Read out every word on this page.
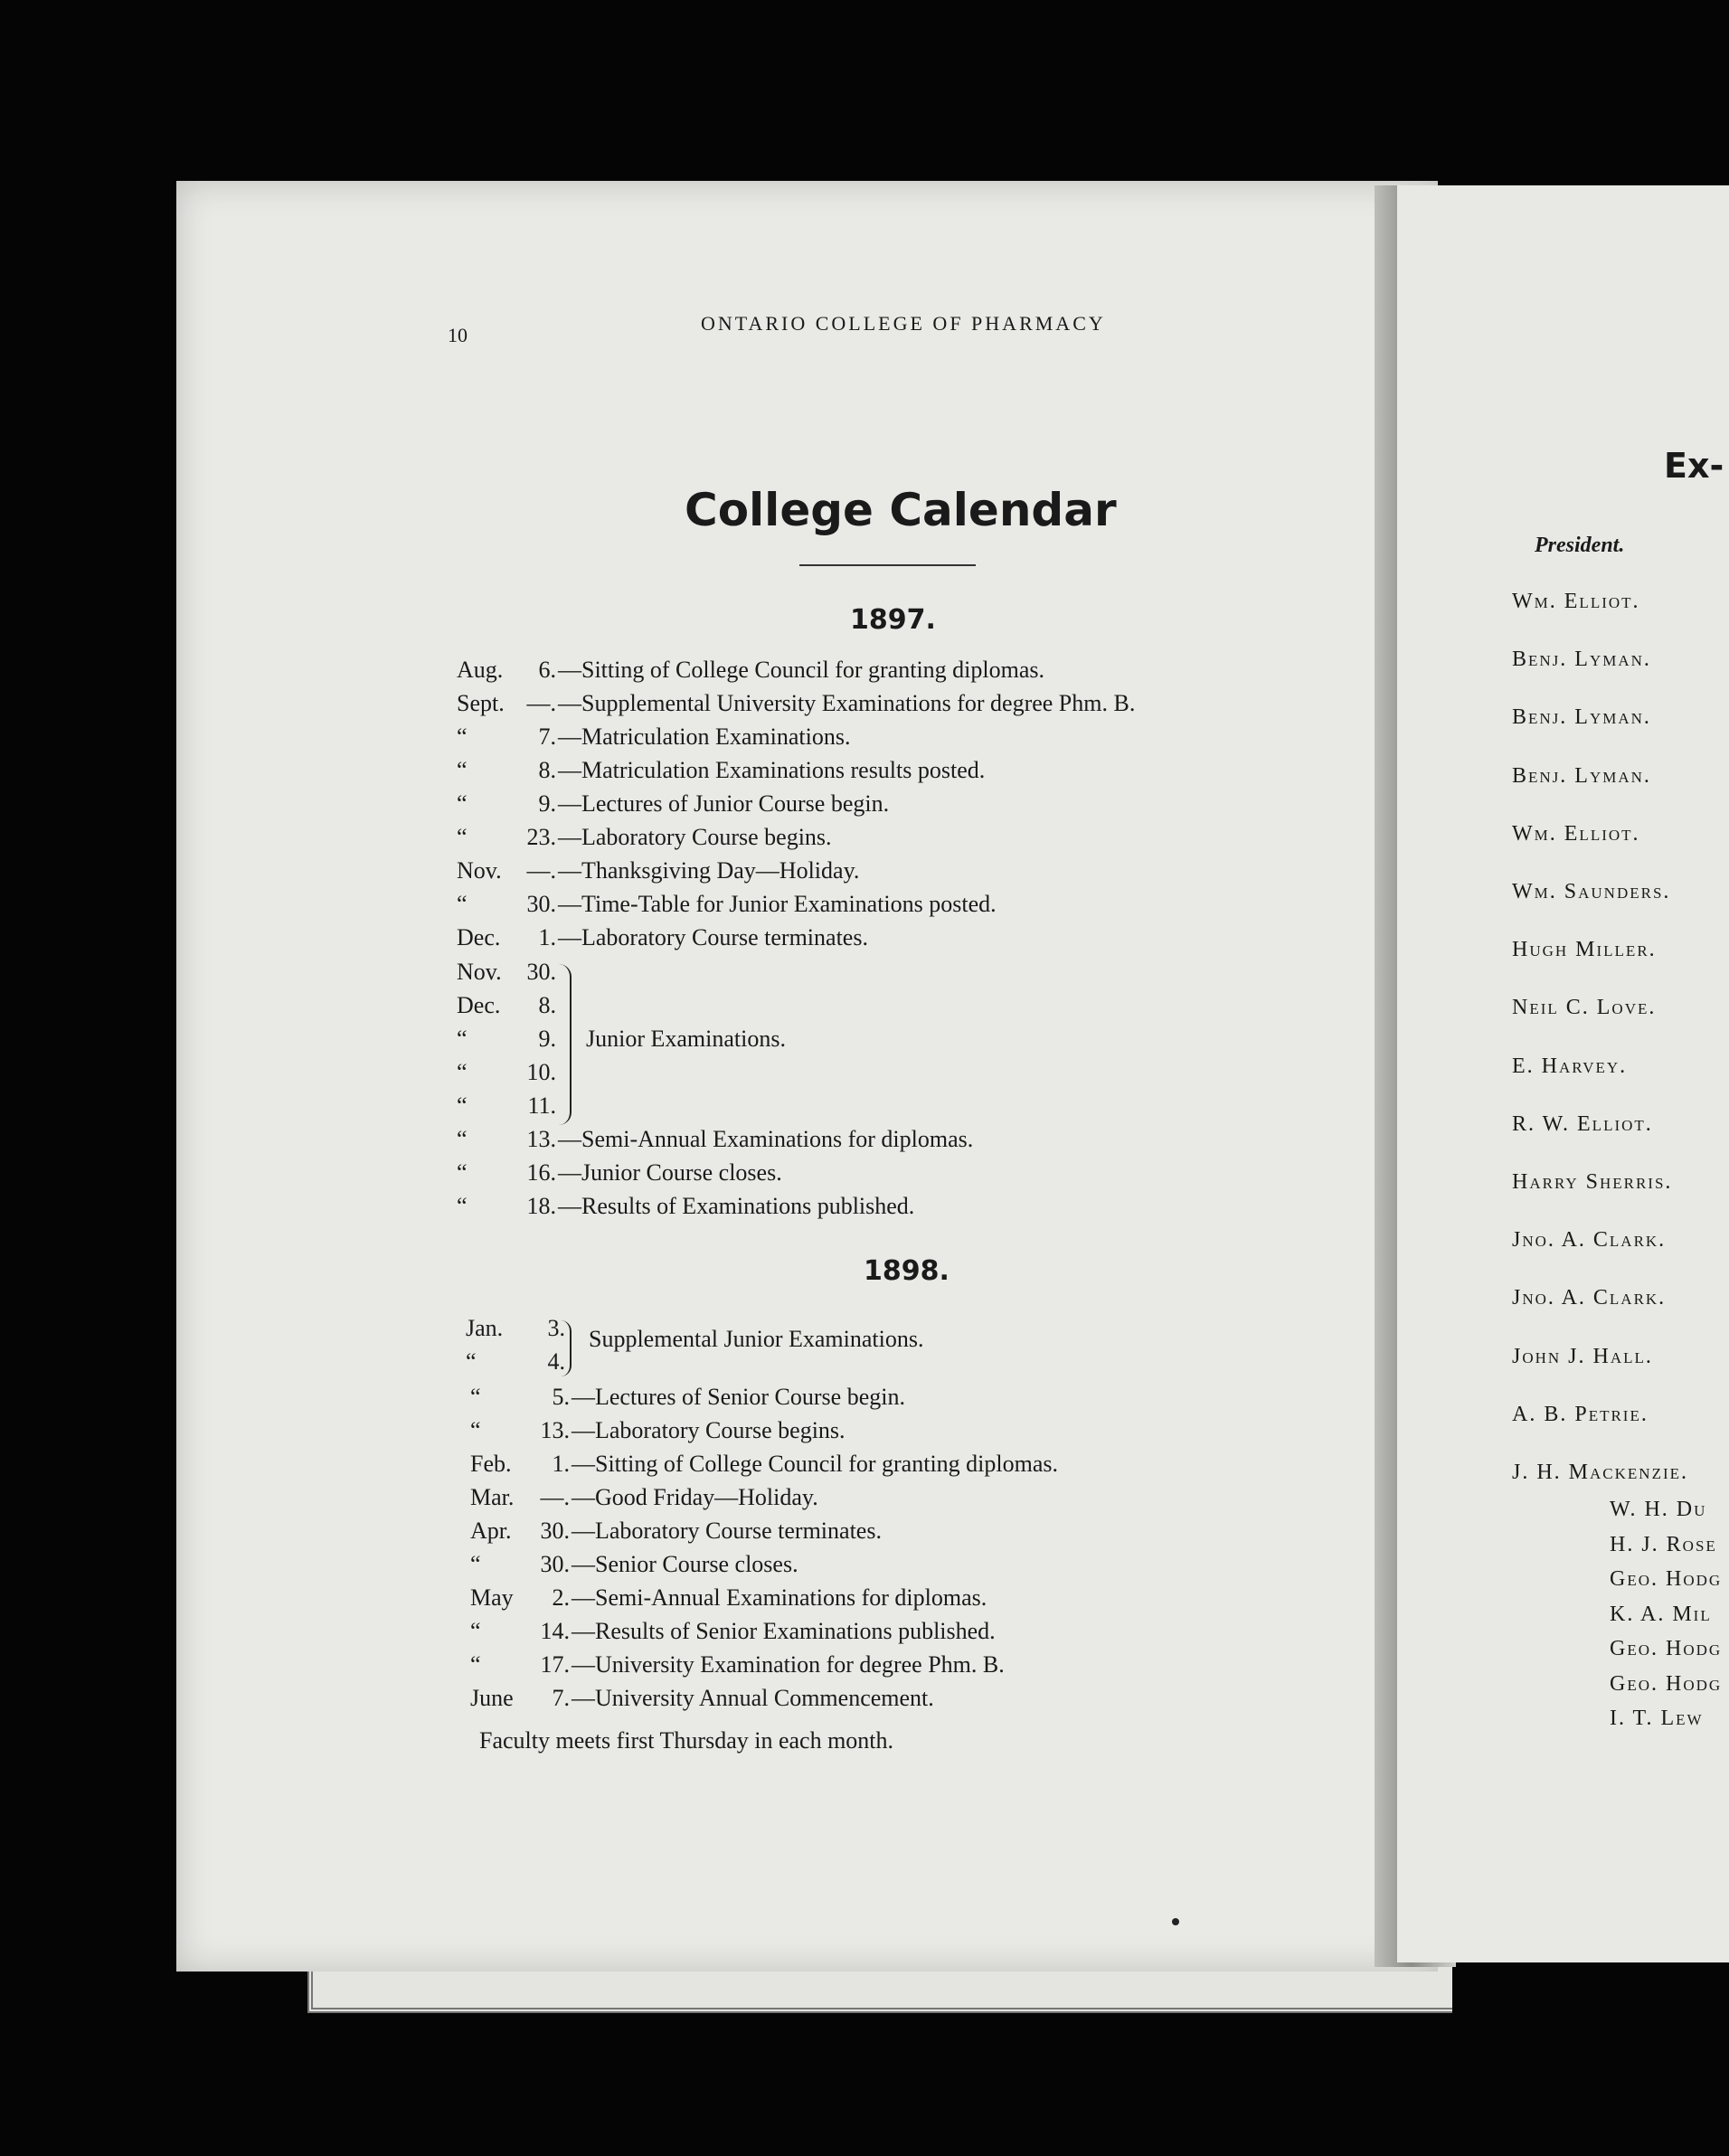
10
ONTARIO COLLEGE OF PHARMACY
College Calendar
1897.
Aug.	6. —Sitting of College Council for granting diplomas.
Sept. —. —Supplemental University Examinations for degree Phm. B.
“	7. —Matriculation Examinations.
“	8. —Matriculation Examinations results posted.
“	9. —Lectures of Junior Course begin.
“	23. —Laboratory Course begins.
Nov.	—. —Thanksgiving Day—Holiday.
“	30. —Time-Table for Junior Examinations posted.
Dec.	1. —Laboratory Course terminates.
Nov.	30.
Dec.	8.
“	9.
“	10.
“	11.
Junior Examinations.
“	13. —Semi-Annual Examinations for diplomas.
“	16. —Junior Course closes.
“	18. —Results of Examinations published.
1898.
Jan.	3.
“	4.
Supplemental Junior Examinations.
“	5. —Lectures of Senior Course begin.
“	13. —Laboratory Course begins.
Feb.	1. —Sitting of College Council for granting diplomas.
Mar.	—. —Good Friday—Holiday.
Apr.	30. —Laboratory Course terminates.
“	30. —Senior Course closes.
May	2. —Semi-Annual Examinations for diplomas.
“	14. —Results of Senior Examinations published.
“	17. —University Examination for degree Phm. B.
June	7. —University Annual Commencement.
Faculty meets first Thursday in each month.
Ex-
President.
Wm. Elliot.
Benj. Lyman.
Benj. Lyman.
Benj. Lyman.
Wm. Elliot.
Wm. Saunders.
Hugh Miller.
Neil C. Love.
E. Harvey.
R. W. Elliot.
Harry Sherris.
Jno. A. Clark.
Jno. A. Clark.
John J. Hall.
A. B. Petrie.
J. H. Mackenzie.
W. H. Du
H. J. Rose
Geo. Hodg
K. A. Mil
Geo. Hodg
Geo. Hodg
I. T. Lew
